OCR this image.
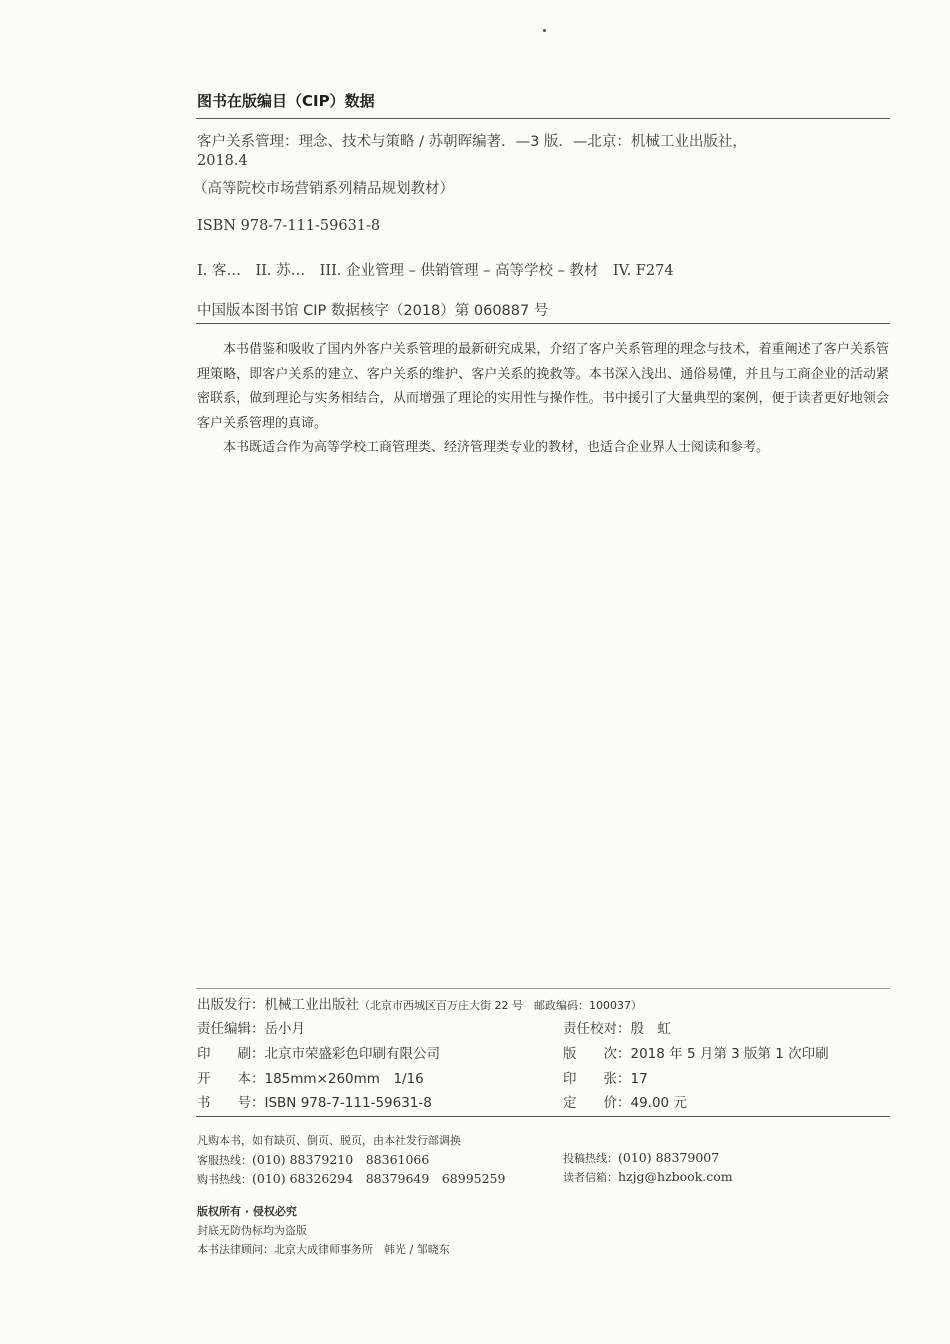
图书在版编目（CIP）数据
客户关系管理：理念、技术与策略 / 苏朝晖编著．—3 版．—北京：机械工业出版社，
2018.4
（高等院校市场营销系列精品规划教材）
ISBN 978-7-111-59631-8
I. 客…　II. 苏…　III. 企业管理 – 供销管理 – 高等学校 – 教材　IV. F274
中国版本图书馆 CIP 数据核字（2018）第 060887 号

本书借鉴和吸收了国内外客户关系管理的最新研究成果，介绍了客户关系管理的理念与技术，着重阐述了客户关系管理策略，即客户关系的建立、客户关系的维护、客户关系的挽救等。本书深入浅出、通俗易懂，并且与工商企业的活动紧密联系，做到理论与实务相结合，从而增强了理论的实用性与操作性。书中援引了大量典型的案例，便于读者更好地领会客户关系管理的真谛。

本书既适合作为高等学校工商管理类、经济管理类专业的教材，也适合企业界人士阅读和参考。

出版发行：机械工业出版社（北京市西城区百万庄大街 22 号　邮政编码：100037）
责任编辑：岳小月	责任校对：殷　虹
印　　刷：北京市荣盛彩色印刷有限公司	版　　次：2018 年 5 月第 3 版第 1 次印刷
开　　本：185mm×260mm　1/16	印　　张：17
书　　号：ISBN 978-7-111-59631-8	定　　价：49.00 元
凡购本书，如有缺页、倒页、脱页，由本社发行部调换
客服热线：(010) 88379210　88361066	投稿热线：(010) 88379007
购书热线：(010) 68326294　88379649　68995259	读者信箱：hzjg@hzbook.com
版权所有 · 侵权必究
封底无防伪标均为盗版
本书法律顾问：北京大成律师事务所　韩光 / 邹晓东
